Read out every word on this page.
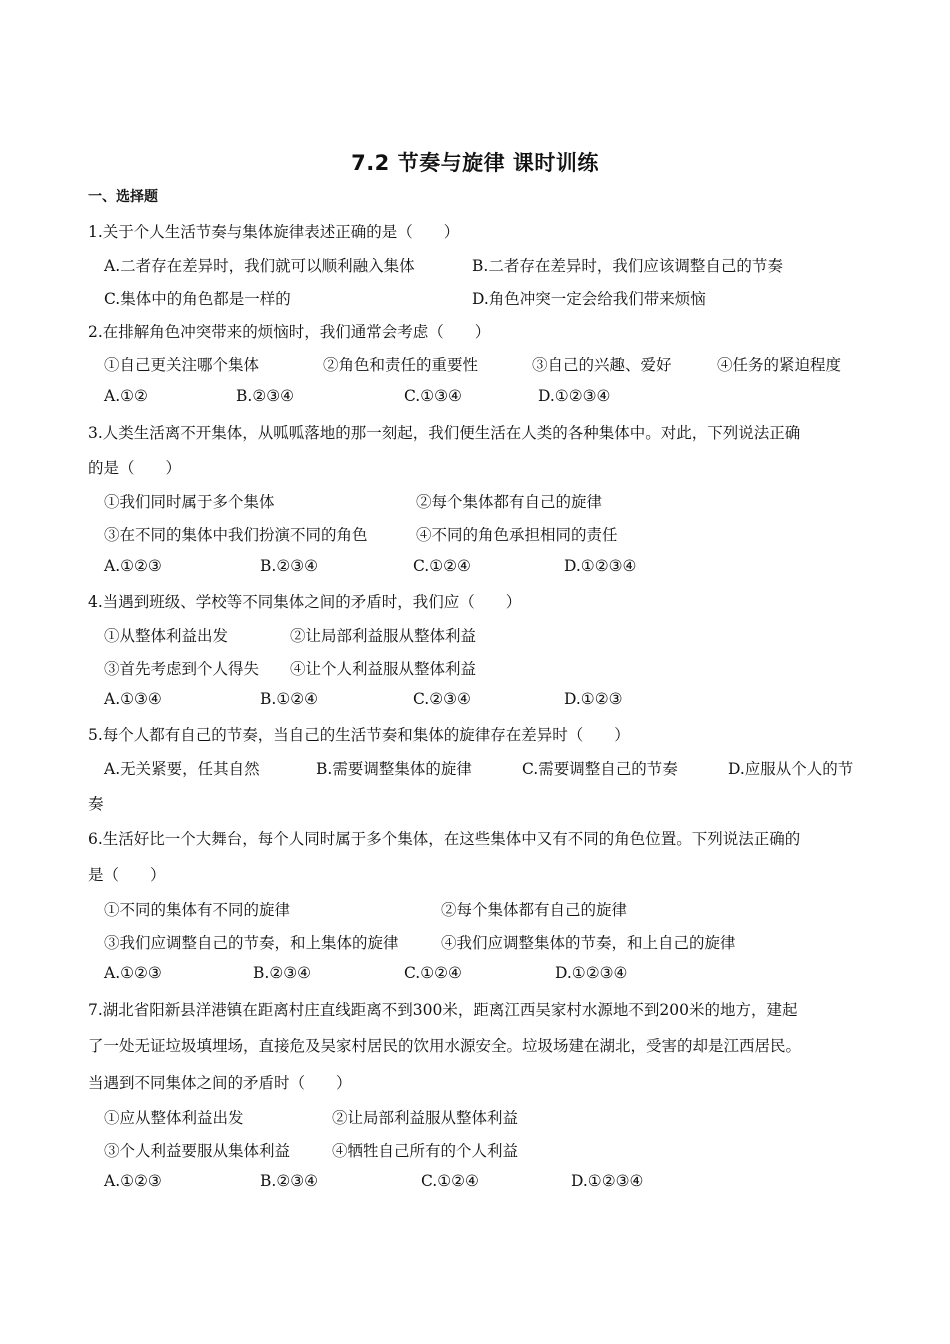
7.2 节奏与旋律 课时训练
一、选择题
1.关于个人生活节奏与集体旋律表述正确的是（　　）
A.二者存在差异时，我们就可以顺利融入集体	B.二者存在差异时，我们应该调整自己的节奏
C.集体中的角色都是一样的	D.角色冲突一定会给我们带来烦恼
2.在排解角色冲突带来的烦恼时，我们通常会考虑（　　）
①自己更关注哪个集体	②角色和责任的重要性	③自己的兴趣、爱好	④任务的紧迫程度
A.①②	B.②③④	C.①③④	D.①②③④
3.人类生活离不开集体，从呱呱落地的那一刻起，我们便生活在人类的各种集体中。对此，下列说法正确
的是（　　）
①我们同时属于多个集体	②每个集体都有自己的旋律
③在不同的集体中我们扮演不同的角色	④不同的角色承担相同的责任
A.①②③	B.②③④	C.①②④	D.①②③④
4.当遇到班级、学校等不同集体之间的矛盾时，我们应（　　）
①从整体利益出发	②让局部利益服从整体利益
③首先考虑到个人得失 ④让个人利益服从整体利益
A.①③④	B.①②④	C.②③④	D.①②③
5.每个人都有自己的节奏，当自己的生活节奏和集体的旋律存在差异时（　　）
A.无关紧要，任其自然	B.需要调整集体的旋律	C.需要调整自己的节奏	D.应服从个人的节
奏
6.生活好比一个大舞台，每个人同时属于多个集体，在这些集体中又有不同的角色位置。下列说法正确的
是（　　）
①不同的集体有不同的旋律	②每个集体都有自己的旋律
③我们应调整自己的节奏，和上集体的旋律	④我们应调整集体的节奏，和上自己的旋律
A.①②③	B.②③④	C.①②④	D.①②③④
7.湖北省阳新县洋港镇在距离村庄直线距离不到300米，距离江西吴家村水源地不到200米的地方，建起
了一处无证垃圾填埋场，直接危及吴家村居民的饮用水源安全。垃圾场建在湖北，受害的却是江西居民。
当遇到不同集体之间的矛盾时（　　）
①应从整体利益出发	②让局部利益服从整体利益
③个人利益要服从集体利益	④牺牲自己所有的个人利益
A.①②③	B.②③④	C.①②④	D.①②③④
